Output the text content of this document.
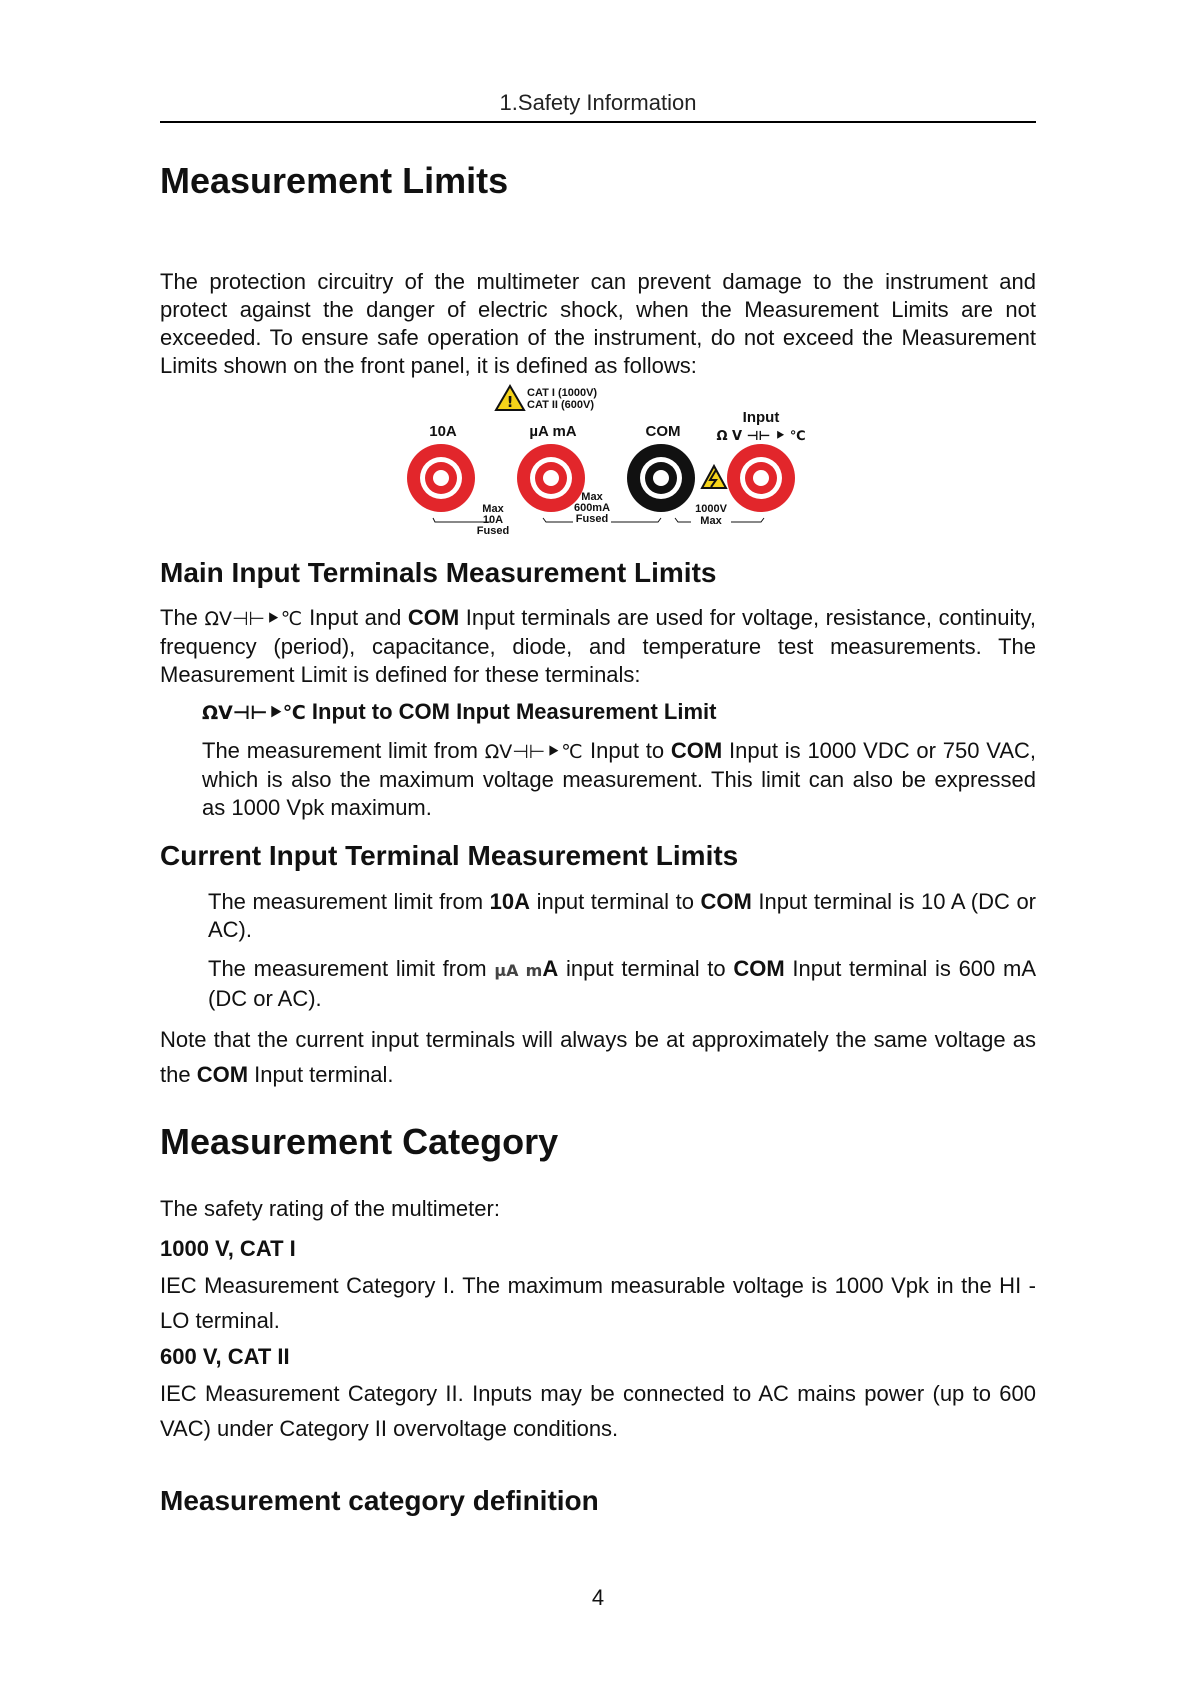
1.Safety Information
Measurement Limits

The protection circuitry of the multimeter can prevent damage to the instrument and protect against the danger of electric shock, when the Measurement Limits are not exceeded. To ensure safe operation of the instrument, do not exceed the Measurement Limits shown on the front panel, it is defined as follows:

! CAT I (1000V)
CAT II (600V)
10A	µA mA	COM
Input
Ω V ⊣⊢ ⯈ ℃
Max
10A
Fused
Max
600mA
Fused
1000V
Max
Main Input Terminals Measurement Limits

The ΩV⊣⊢⯈℃ Input and COM Input terminals are used for voltage, resistance, continuity, frequency (period), capacitance, diode, and temperature test measurements. The Measurement Limit is defined for these terminals:

ΩV⊣⊢⯈℃ Input to COM Input Measurement Limit

The measurement limit from ΩV⊣⊢⯈℃ Input to COM Input is 1000 VDC or 750 VAC, which is also the maximum voltage measurement. This limit can also be expressed as 1000 Vpk maximum.

Current Input Terminal Measurement Limits

The measurement limit from 10A input terminal to COM Input terminal is 10 A (DC or AC).

The measurement limit from µA mA input terminal to COM Input terminal is 600 mA (DC or AC).

Note that the current input terminals will always be at approximately the same voltage as the COM Input terminal.

Measurement Category

The safety rating of the multimeter:

1000 V, CAT I

IEC Measurement Category I. The maximum measurable voltage is 1000 Vpk in the HI -LO terminal.

600 V, CAT II

IEC Measurement Category II. Inputs may be connected to AC mains power (up to 600 VAC) under Category II overvoltage conditions.

Measurement category definition
4
